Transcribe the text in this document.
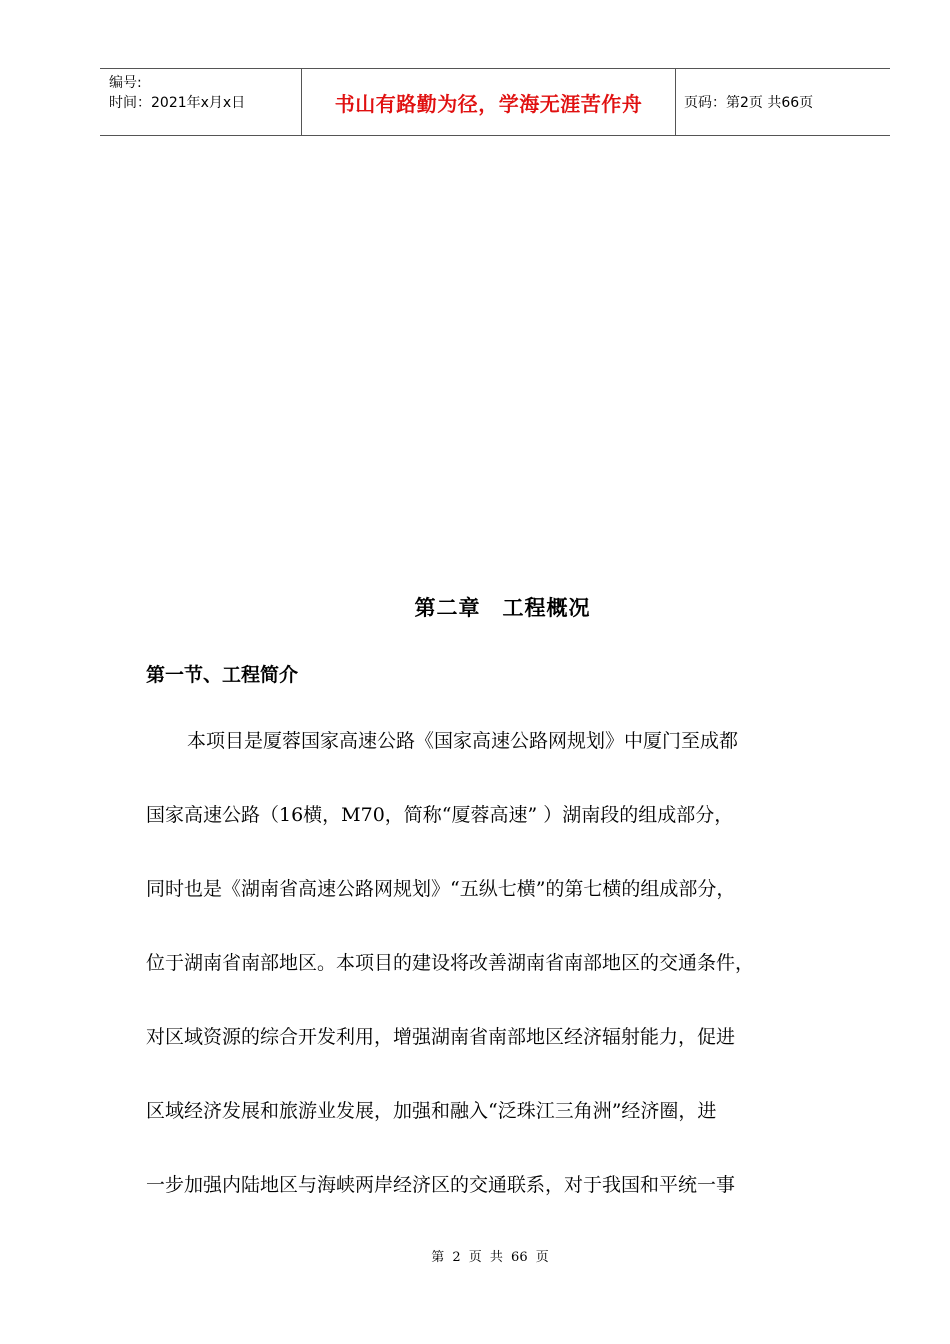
编号:
时间：2021年x月x日	书山有路勤为径，学海无涯苦作舟	页码：第2页 共66页
第二章　工程概况
第一节、工程简介
本项目是厦蓉国家高速公路《国家高速公路网规划》中厦门至成都
国家高速公路（16横，M70，简称“厦蓉高速” ）湖南段的组成部分，
同时也是《湖南省高速公路网规划》“五纵七横”的第七横的组成部分，
位于湖南省南部地区。本项目的建设将改善湖南省南部地区的交通条件，
对区域资源的综合开发利用，增强湖南省南部地区经济辐射能力，促进
区域经济发展和旅游业发展，加强和融入“泛珠江三角洲”经济圈，进
一步加强内陆地区与海峡两岸经济区的交通联系，对于我国和平统一事
第 2 页 共 66 页
